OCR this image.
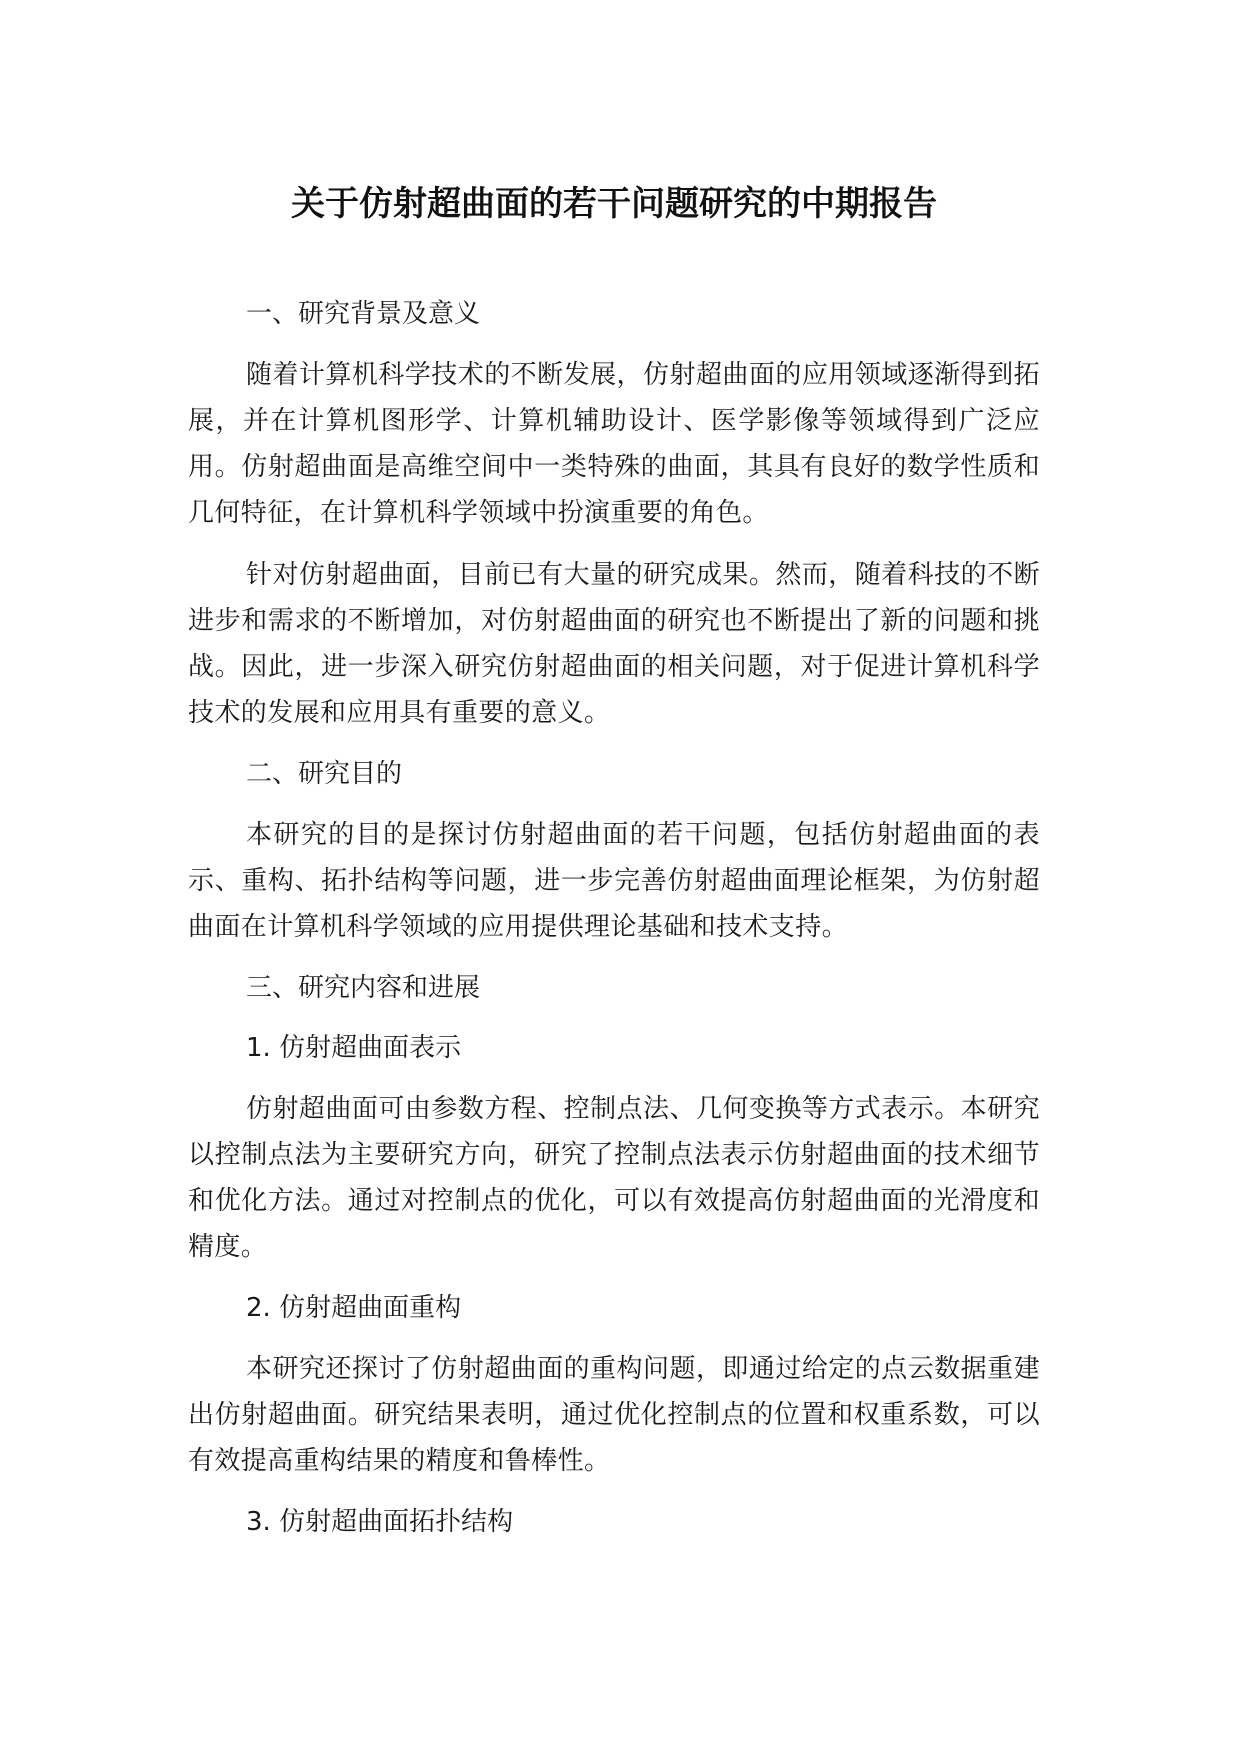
关于仿射超曲面的若干问题研究的中期报告
一、研究背景及意义

随着计算机科学技术的不断发展，仿射超曲面的应用领域逐渐得到拓展，并在计算机图形学、计算机辅助设计、医学影像等领域得到广泛应用。仿射超曲面是高维空间中一类特殊的曲面，其具有良好的数学性质和几何特征，在计算机科学领域中扮演重要的角色。

针对仿射超曲面，目前已有大量的研究成果。然而，随着科技的不断进步和需求的不断增加，对仿射超曲面的研究也不断提出了新的问题和挑战。因此，进一步深入研究仿射超曲面的相关问题，对于促进计算机科学技术的发展和应用具有重要的意义。

二、研究目的

本研究的目的是探讨仿射超曲面的若干问题，包括仿射超曲面的表示、重构、拓扑结构等问题，进一步完善仿射超曲面理论框架，为仿射超曲面在计算机科学领域的应用提供理论基础和技术支持。

三、研究内容和进展
1. 仿射超曲面表示

仿射超曲面可由参数方程、控制点法、几何变换等方式表示。本研究以控制点法为主要研究方向，研究了控制点法表示仿射超曲面的技术细节和优化方法。通过对控制点的优化，可以有效提高仿射超曲面的光滑度和精度。

2. 仿射超曲面重构

本研究还探讨了仿射超曲面的重构问题，即通过给定的点云数据重建出仿射超曲面。研究结果表明，通过优化控制点的位置和权重系数，可以有效提高重构结果的精度和鲁棒性。

3. 仿射超曲面拓扑结构
